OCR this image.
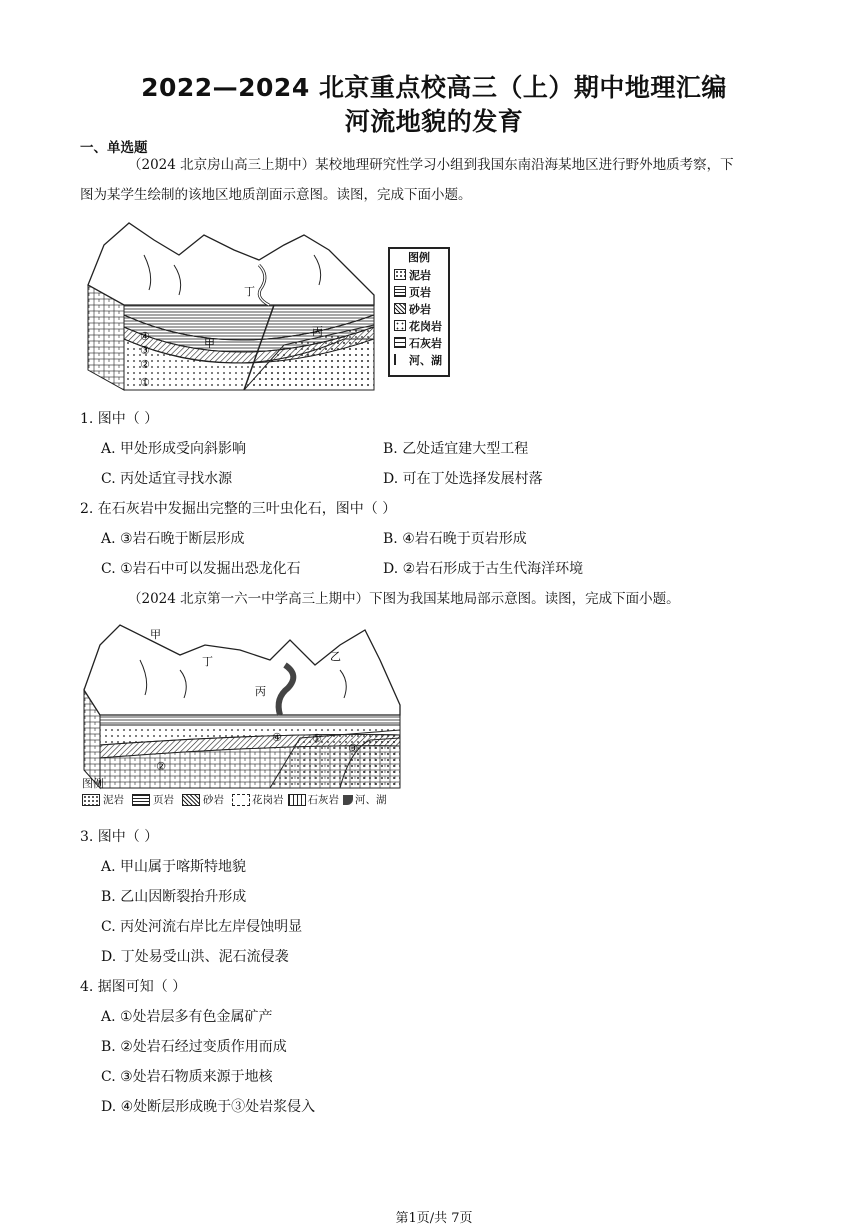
2022—2024 北京重点校高三（上）期中地理汇编
河流地貌的发育
一、单选题
（2024 北京房山高三上期中）某校地理研究性学习小组到我国东南沿海某地区进行野外地质考察，下
图为某学生绘制的该地区地质剖面示意图。读图，完成下面小题。
丁
甲
丙
④
③
②
①
图例
泥岩
页岩
砂岩
花岗岩
石灰岩
河、湖
1. 图中（ ）
A. 甲处形成受向斜影响	B. 乙处适宜建大型工程
C. 丙处适宜寻找水源	D. 可在丁处选择发展村落
2. 在石灰岩中发掘出完整的三叶虫化石，图中（ ）
A. ③岩石晚于断层形成	B. ④岩石晚于页岩形成
C. ①岩石中可以发掘出恐龙化石	D. ②岩石形成于古生代海洋环境
（2024 北京第一六一中学高三上期中）下图为我国某地局部示意图。读图，完成下面小题。
甲
乙
丙
丁
①
②
③
④
图例
泥岩	页岩	砂岩	花岗岩 石灰岩 河、湖
3. 图中（ ）
A. 甲山属于喀斯特地貌
B. 乙山因断裂抬升形成
C. 丙处河流右岸比左岸侵蚀明显
D. 丁处易受山洪、泥石流侵袭
4. 据图可知（ ）
A. ①处岩层多有色金属矿产
B. ②处岩石经过变质作用而成
C. ③处岩石物质来源于地核
D. ④处断层形成晚于③处岩浆侵入
第1页/共 7页
